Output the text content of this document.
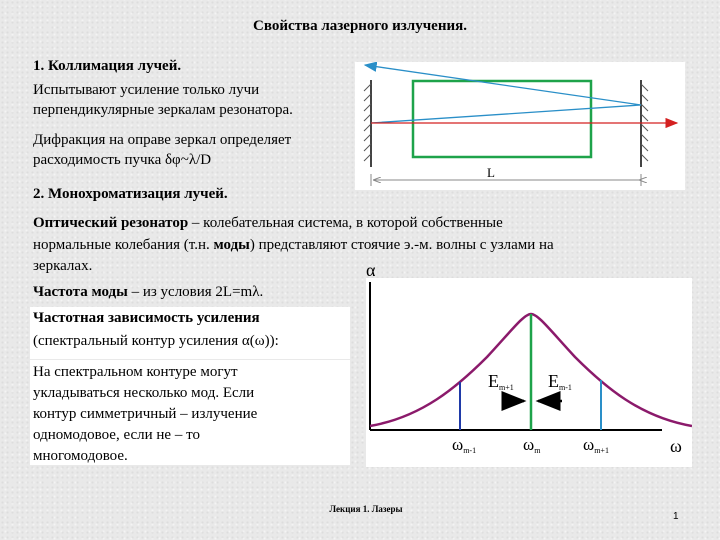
Свойства лазерного излучения.
1. Коллимация лучей.
Испытывают усиление только лучи
перпендикулярные зеркалам резонатора.
Дифракция на оправе зеркал определяет
расходимость пучка δφ~λ/D
L
2. Монохроматизация лучей.
Оптический резонатор – колебательная система, в которой собственные
нормальные колебания (т.н. моды) представляют стоячие э.-м. волны с узлами на
зеркалах.
Частота моды – из условия 2L=mλ.
Частотная зависимость усиления
(спектральный контур усиления α(ω)):
На спектральном контуре могут
укладываться несколько мод. Если
контур симметричный – излучение
одномодовое, если не – то
многомодовое.
α
ω
Em+1 Em-1
ωm-1	ωm	ωm+1
Лекция 1. Лазеры
1
